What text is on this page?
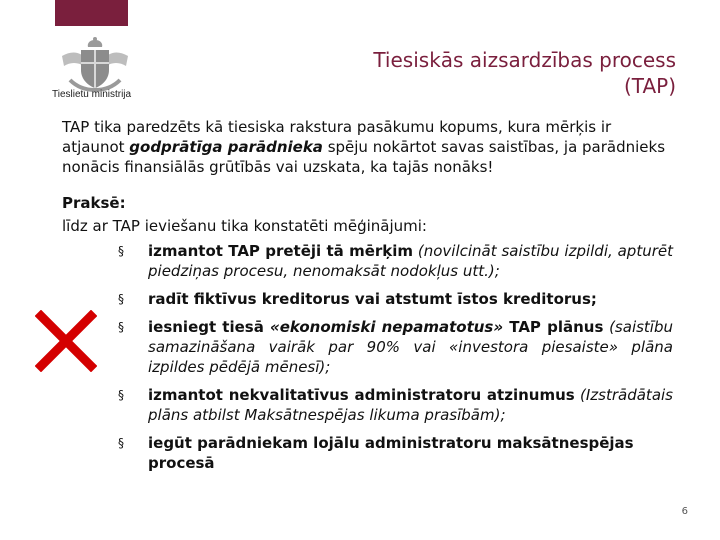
Tieslietu ministrija
Tiesiskās aizsardzības process
(TAP)

TAP tika paredzēts kā tiesiska rakstura pasākumu kopums, kura mērķis ir atjaunot godprātīga parādnieka spēju nokārtot savas saistības, ja parādnieks nonācis finansiālās grūtībās vai uzskata, ka tajās nonāks!

Praksē:
līdz ar TAP ieviešanu tika konstatēti mēģinājumi:
§ izmantot TAP pretēji tā mērķim (novilcināt saistību izpildi, apturēt piedziņas procesu, nenomaksāt nodokļus utt.);
§ radīt fiktīvus kreditorus vai atstumt īstos kreditorus;
§ iesniegt tiesā «ekonomiski nepamatotus» TAP plānus (saistību samazināšana vairāk par 90% vai «investora piesaiste» plāna izpildes pēdējā mēnesī);
§ izmantot nekvalitatīvus administratoru atzinumus (Izstrādātais plāns atbilst Maksātnespējas likuma prasībām);
§ iegūt parādniekam lojālu administratoru maksātnespējas procesā
6
